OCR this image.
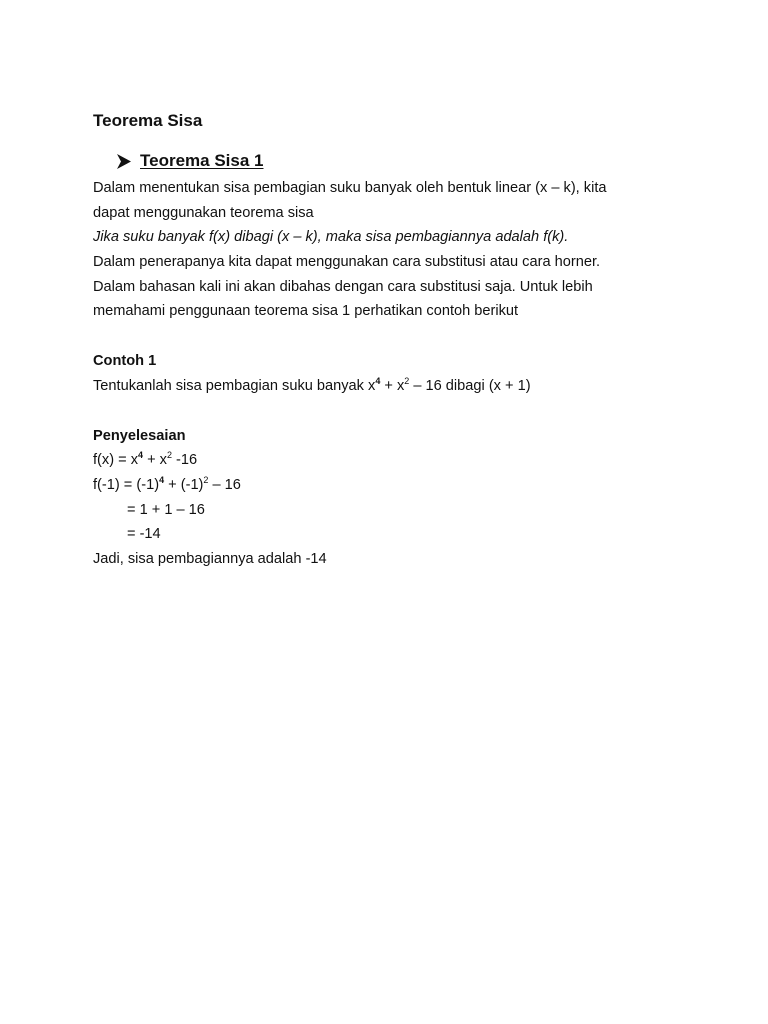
Teorema Sisa
Teorema Sisa 1
Dalam menentukan sisa pembagian suku banyak oleh bentuk linear (x – k), kita
dapat menggunakan teorema sisa
Jika suku banyak f(x) dibagi (x – k), maka sisa pembagiannya adalah f(k).
Dalam penerapanya kita dapat menggunakan cara substitusi atau cara horner.
Dalam bahasan kali ini akan dibahas dengan cara substitusi saja. Untuk lebih
memahami penggunaan teorema sisa 1 perhatikan contoh berikut
Contoh 1
Tentukanlah sisa pembagian suku banyak $x^4 + x^2 - 16$ dibagi (x + 1)
Penyelesaian
$f(x) = x^4 + x^2$ -16
$f(-1) = (-1)^4 + (-1)^2 - 16$
= 1 + 1 – 16
= -14
Jadi, sisa pembagiannya adalah -14
